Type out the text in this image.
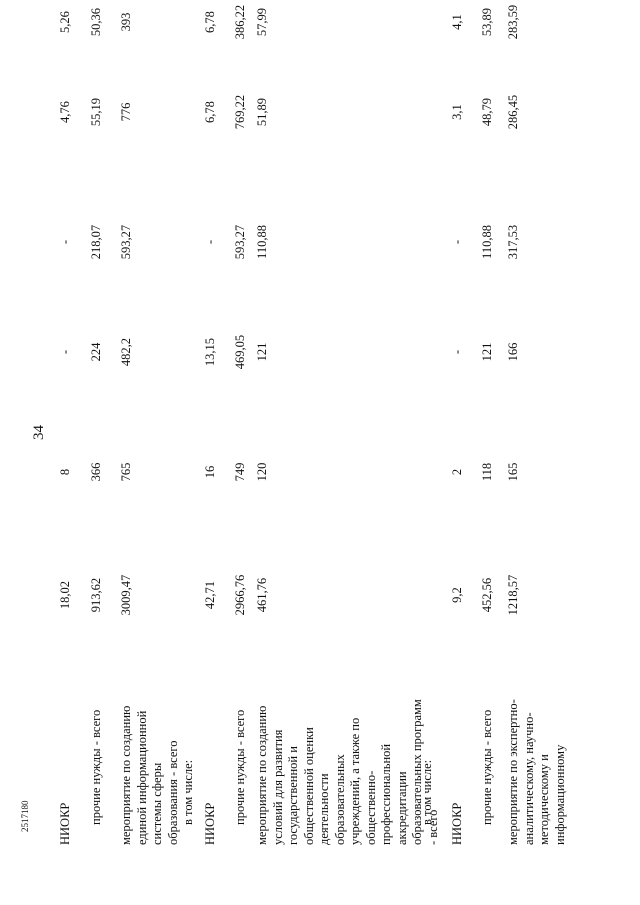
34
НИОКР
18,02
8
-
-
4,76
5,26
прочие нужды - всего
913,62
366
224
218,07
55,19
50,36
мероприятие по созданию единой информационной системы сферы образования - всего
3009,47
765
482,2
593,27
776
393
в том числе: НИОКР
42,71
16
13,15
-
6,78
6,78
прочие нужды - всего
2966,76
749
469,05
593,27
769,22
386,22
мероприятие по созданию условий для развития государственной и общественной оценки деятельности образовательных учреждений, а также по общественно-профессиональной аккредитации образовательных программ - всего
461,76
120
121
110,88
51,89
57,99
в том числе: НИОКР
9,2
2
-
-
3,1
4,1
прочие нужды - всего
452,56
118
121
110,88
48,79
53,89
мероприятие по экспертно-аналитическому, научно-методическому и информационному
1218,57
165
166
317,53
286,45
283,59
2517180
